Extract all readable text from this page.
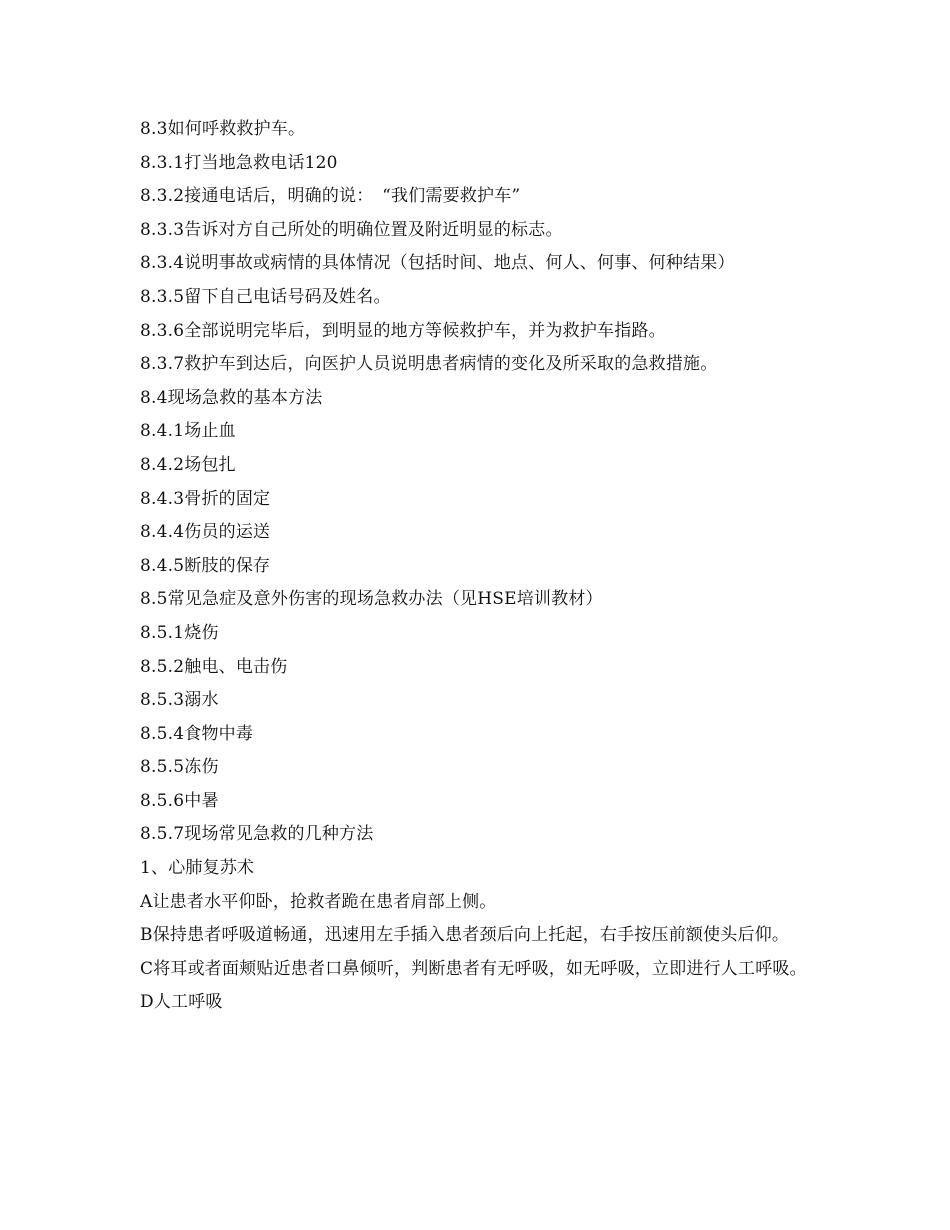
8.3如何呼救救护车。
8.3.1打当地急救电话120
8.3.2接通电话后，明确的说：　“我们需要救护车”
8.3.3告诉对方自己所处的明确位置及附近明显的标志。
8.3.4说明事故或病情的具体情况（包括时间、地点、何人、何事、何种结果）
8.3.5留下自己电话号码及姓名。
8.3.6全部说明完毕后，到明显的地方等候救护车，并为救护车指路。
8.3.7救护车到达后，向医护人员说明患者病情的变化及所采取的急救措施。
8.4现场急救的基本方法
8.4.1场止血
8.4.2场包扎
8.4.3骨折的固定
8.4.4伤员的运送
8.4.5断肢的保存
8.5常见急症及意外伤害的现场急救办法（见HSE培训教材）
8.5.1烧伤
8.5.2触电、电击伤
8.5.3溺水
8.5.4食物中毒
8.5.5冻伤
8.5.6中暑
8.5.7现场常见急救的几种方法
1、心肺复苏术
A让患者水平仰卧，抢救者跪在患者肩部上侧。
B保持患者呼吸道畅通，迅速用左手插入患者颈后向上托起，右手按压前额使头后仰。
C将耳或者面颊贴近患者口鼻倾听，判断患者有无呼吸，如无呼吸，立即进行人工呼吸。
D人工呼吸
